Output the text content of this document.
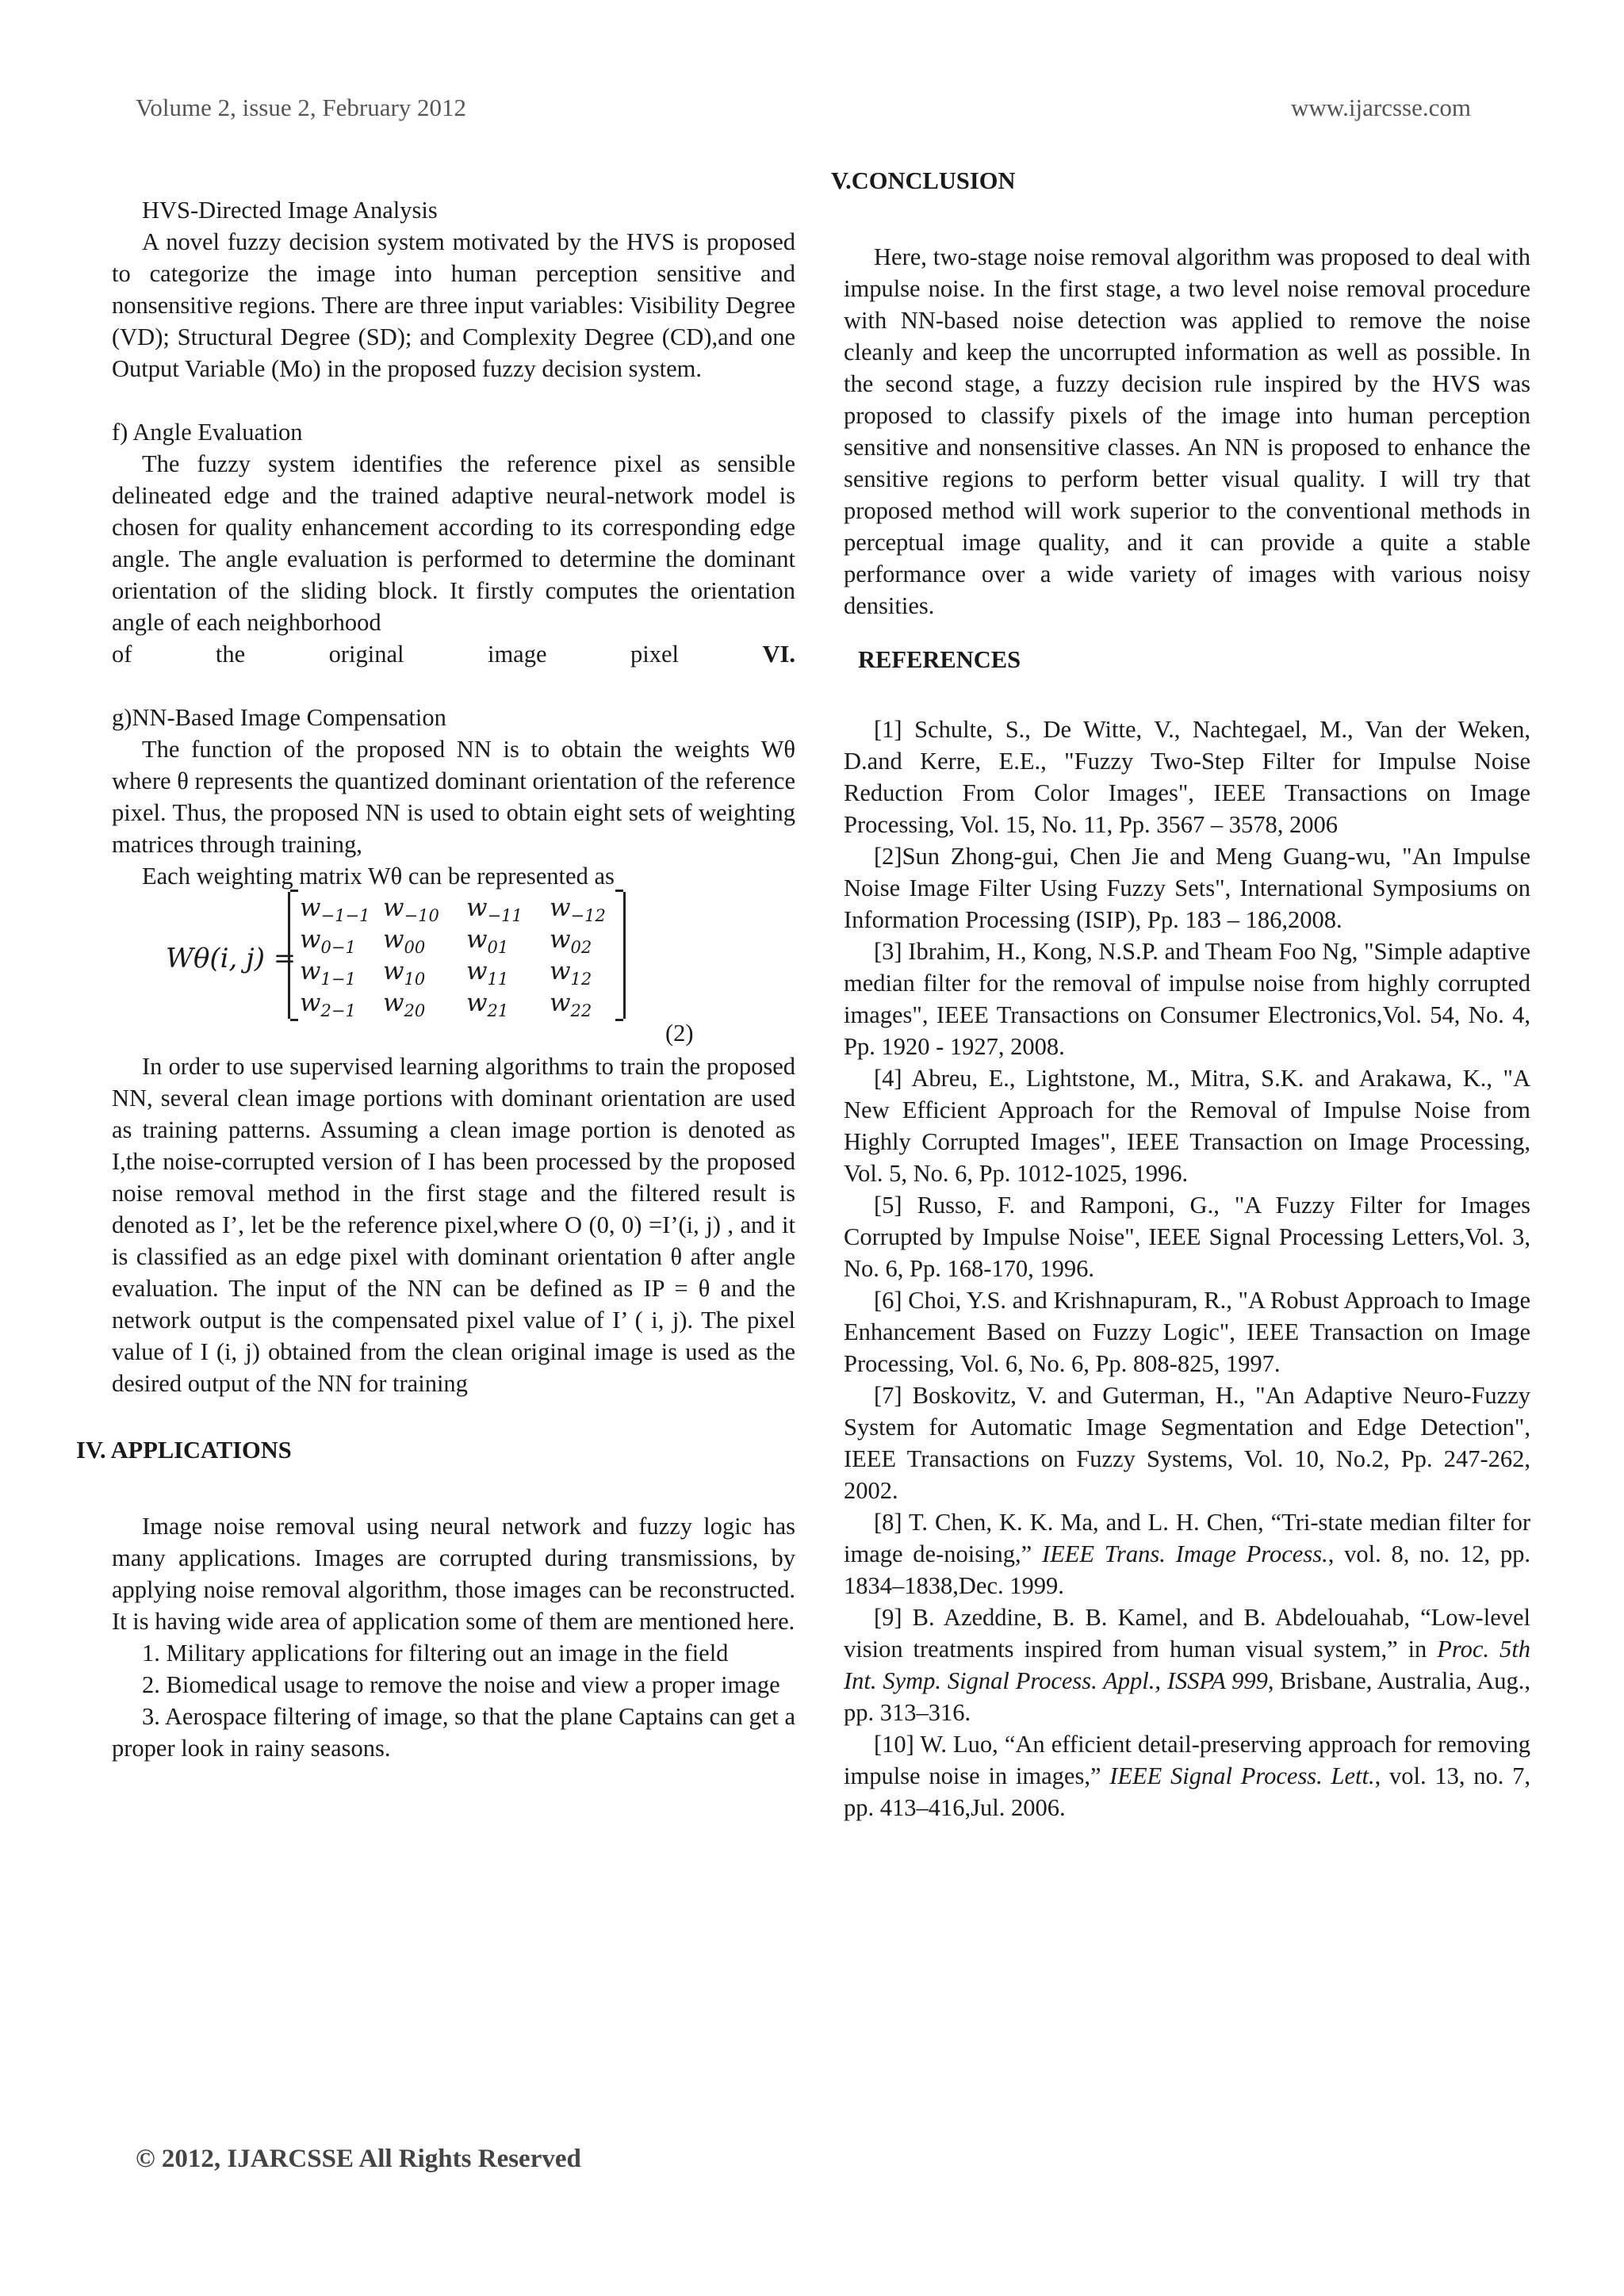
Volume 2, issue 2, February 2012	www.ijarcsse.com

HVS-Directed Image Analysis

A novel fuzzy decision system motivated by the HVS is proposed to categorize the image into human perception sensitive and nonsensitive regions. There are three input variables: Visibility Degree (VD); Structural Degree (SD); and Complexity Degree (CD),and one Output Variable (Mo) in the proposed fuzzy decision system.

f) Angle Evaluation

The fuzzy system identifies the reference pixel as sensible delineated edge and the trained adaptive neural-network model is chosen for quality enhancement according to its corresponding edge angle. The angle evaluation is performed to determine the dominant orientation of the sliding block. It firstly computes the orientation angle of each neighborhood

of the original image pixel	VI.

g)NN-Based Image Compensation

The function of the proposed NN is to obtain the weights Wθ where θ represents the quantized dominant orientation of the reference pixel. Thus, the proposed NN is used to obtain eight sets of weighting matrices through training,

Each weighting matrix Wθ can be represented as

Wθ(i, j) =
$w_{-1-1}$ $w_{-10}$	$w_{-11}$	$w_{-12}$
$w_{0-1}$	$w_{00}$	$w_{01}$	$w_{02}$
$w_{1-1}$	$w_{10}$	$w_{11}$	$w_{12}$
$w_{2-1}$	$w_{20}$	$w_{21}$	$w_{22}$
(2)

In order to use supervised learning algorithms to train the proposed NN, several clean image portions with dominant orientation are used as training patterns. Assuming a clean image portion is denoted as I,the noise-corrupted version of I has been processed by the proposed noise removal method in the first stage and the filtered result is denoted as I’, let be the reference pixel,where O (0, 0) =I’(i, j) , and it is classified as an edge pixel with dominant orientation θ after angle evaluation. The input of the NN can be defined as IP = θ and the network output is the compensated pixel value of I’ ( i, j). The pixel value of I (i, j) obtained from the clean original image is used as the desired output of the NN for training

IV. APPLICATIONS

Image noise removal using neural network and fuzzy logic has many applications. Images are corrupted during transmissions, by applying noise removal algorithm, those images can be reconstructed. It is having wide area of application some of them are mentioned here.

1. Military applications for filtering out an image in the field

2. Biomedical usage to remove the noise and view a proper image

3. Aerospace filtering of image, so that the plane Captains can get a proper look in rainy seasons.

V.CONCLUSION

Here, two-stage noise removal algorithm was proposed to deal with impulse noise. In the first stage, a two level noise removal procedure with NN-based noise detection was applied to remove the noise cleanly and keep the uncorrupted information as well as possible. In the second stage, a fuzzy decision rule inspired by the HVS was proposed to classify pixels of the image into human perception sensitive and nonsensitive classes. An NN is proposed to enhance the sensitive regions to perform better visual quality. I will try that proposed method will work superior to the conventional methods in perceptual image quality, and it can provide a quite a stable performance over a wide variety of images with various noisy densities.

REFERENCES

[1] Schulte, S., De Witte, V., Nachtegael, M., Van der Weken, D.and Kerre, E.E., "Fuzzy Two-Step Filter for Impulse Noise Reduction From Color Images", IEEE Transactions on Image Processing, Vol. 15, No. 11, Pp. 3567 – 3578, 2006

[2]Sun Zhong-gui, Chen Jie and Meng Guang-wu, "An Impulse Noise Image Filter Using Fuzzy Sets", International Symposiums on Information Processing (ISIP), Pp. 183 – 186,2008.

[3] Ibrahim, H., Kong, N.S.P. and Theam Foo Ng, "Simple adaptive median filter for the removal of impulse noise from highly corrupted images", IEEE Transactions on Consumer Electronics,Vol. 54, No. 4, Pp. 1920 - 1927, 2008.

[4] Abreu, E., Lightstone, M., Mitra, S.K. and Arakawa, K., "A New Efficient Approach for the Removal of Impulse Noise from Highly Corrupted Images", IEEE Transaction on Image Processing, Vol. 5, No. 6, Pp. 1012-1025, 1996.

[5] Russo, F. and Ramponi, G., "A Fuzzy Filter for Images Corrupted by Impulse Noise", IEEE Signal Processing Letters,Vol. 3, No. 6, Pp. 168-170, 1996.

[6] Choi, Y.S. and Krishnapuram, R., "A Robust Approach to Image Enhancement Based on Fuzzy Logic", IEEE Transaction on Image Processing, Vol. 6, No. 6, Pp. 808-825, 1997.

[7] Boskovitz, V. and Guterman, H., "An Adaptive Neuro-Fuzzy System for Automatic Image Segmentation and Edge Detection", IEEE Transactions on Fuzzy Systems, Vol. 10, No.2, Pp. 247-262, 2002.

[8] T. Chen, K. K. Ma, and L. H. Chen, “Tri-state median filter for image de-noising,” IEEE Trans. Image Process., vol. 8, no. 12, pp. 1834–1838,Dec. 1999.

[9] B. Azeddine, B. B. Kamel, and B. Abdelouahab, “Low-level vision treatments inspired from human visual system,” in Proc. 5th Int. Symp. Signal Process. Appl., ISSPA 999, Brisbane, Australia, Aug., pp. 313–316.

[10] W. Luo, “An efficient detail-preserving approach for removing impulse noise in images,” IEEE Signal Process. Lett., vol. 13, no. 7, pp. 413–416,Jul. 2006.

© 2012, IJARCSSE All Rights Reserved
